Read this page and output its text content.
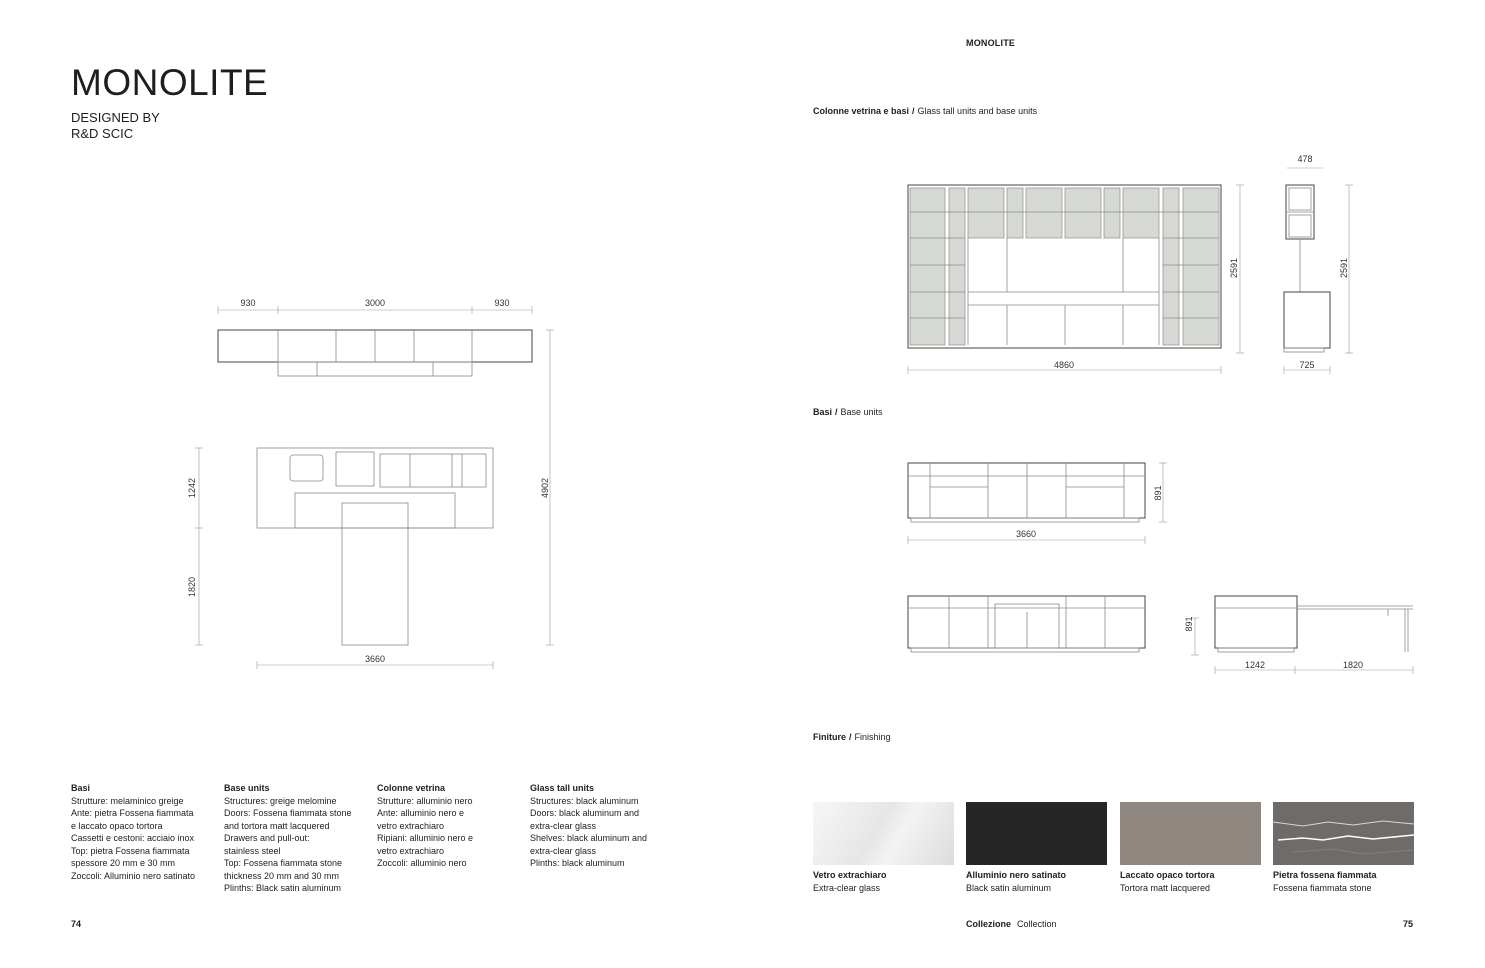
MONOLITE
DESIGNED BY
R&D SCIC
930	3000	930
1242
1820
4902
3660
Basi
Strutture: melaminico greige
Ante: pietra Fossena fiammata
e laccato opaco tortora
Cassetti e cestoni: acciaio inox
Top: pietra Fossena fiammata
spessore 20 mm e 30 mm
Zoccoli: Alluminio nero satinato
Base units
Structures: greige melomine
Doors: Fossena fiammata stone
and tortora matt lacquered
Drawers and pull-out:
stainless steel
Top: Fossena fiammata stone
thickness 20 mm and 30 mm
Plinths: Black satin aluminum
Colonne vetrina
Strutture: alluminio nero
Ante: alluminio nero e
vetro extrachiaro
Ripiani: alluminio nero e
vetro extrachiaro
Zoccoli: alluminio nero
Glass tall units
Structures: black aluminum
Doors: black aluminum and
extra-clear glass
Shelves: black aluminum and
extra-clear glass
Plinths: black aluminum
74
MONOLITE
Colonne vetrina e basi / Glass tall units and base units
4860
2591
478
2591
725
Basi / Base units
3660
891
891
1242	1820
Finiture / Finishing
Vetro extrachiaro
Extra-clear glass
Alluminio nero satinato
Black satin aluminum
Laccato opaco tortora
Tortora matt lacquered
Pietra fossena fiammata
Fossena fiammata stone
Collezione Collection	75
